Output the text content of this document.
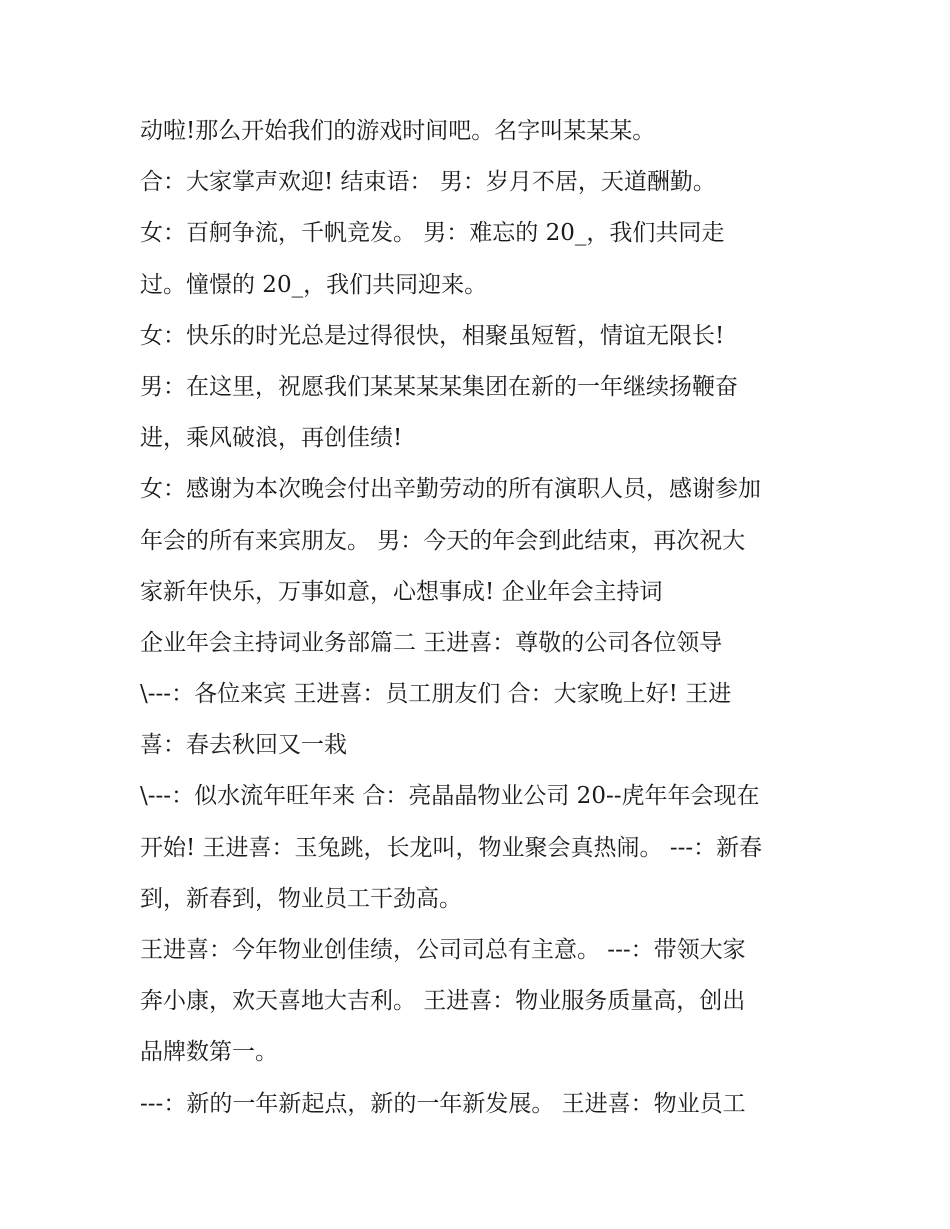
动啦!那么开始我们的游戏时间吧。名字叫某某某。

合：大家掌声欢迎! 结束语： 男：岁月不居，天道酬勤。

女：百舸争流，千帆竞发。 男：难忘的 20_，我们共同走

过。憧憬的 20_，我们共同迎来。

女：快乐的时光总是过得很快，相聚虽短暂，情谊无限长!

男：在这里，祝愿我们某某某某集团在新的一年继续扬鞭奋

进，乘风破浪，再创佳绩!

女：感谢为本次晚会付出辛勤劳动的所有演职人员，感谢参加

年会的所有来宾朋友。 男：今天的年会到此结束，再次祝大

家新年快乐，万事如意，心想事成! 企业年会主持词

企业年会主持词业务部篇二 王进喜：尊敬的公司各位领导

\---：各位来宾 王进喜：员工朋友们 合：大家晚上好! 王进

喜：春去秋回又一栽

\---：似水流年旺年来 合：亮晶晶物业公司 20--虎年年会现在

开始! 王进喜：玉兔跳，长龙叫，物业聚会真热闹。 ---：新春

到，新春到，物业员工干劲高。

王进喜：今年物业创佳绩，公司司总有主意。 ---：带领大家

奔小康，欢天喜地大吉利。 王进喜：物业服务质量高，创出

品牌数第一。

---：新的一年新起点，新的一年新发展。 王进喜：物业员工
